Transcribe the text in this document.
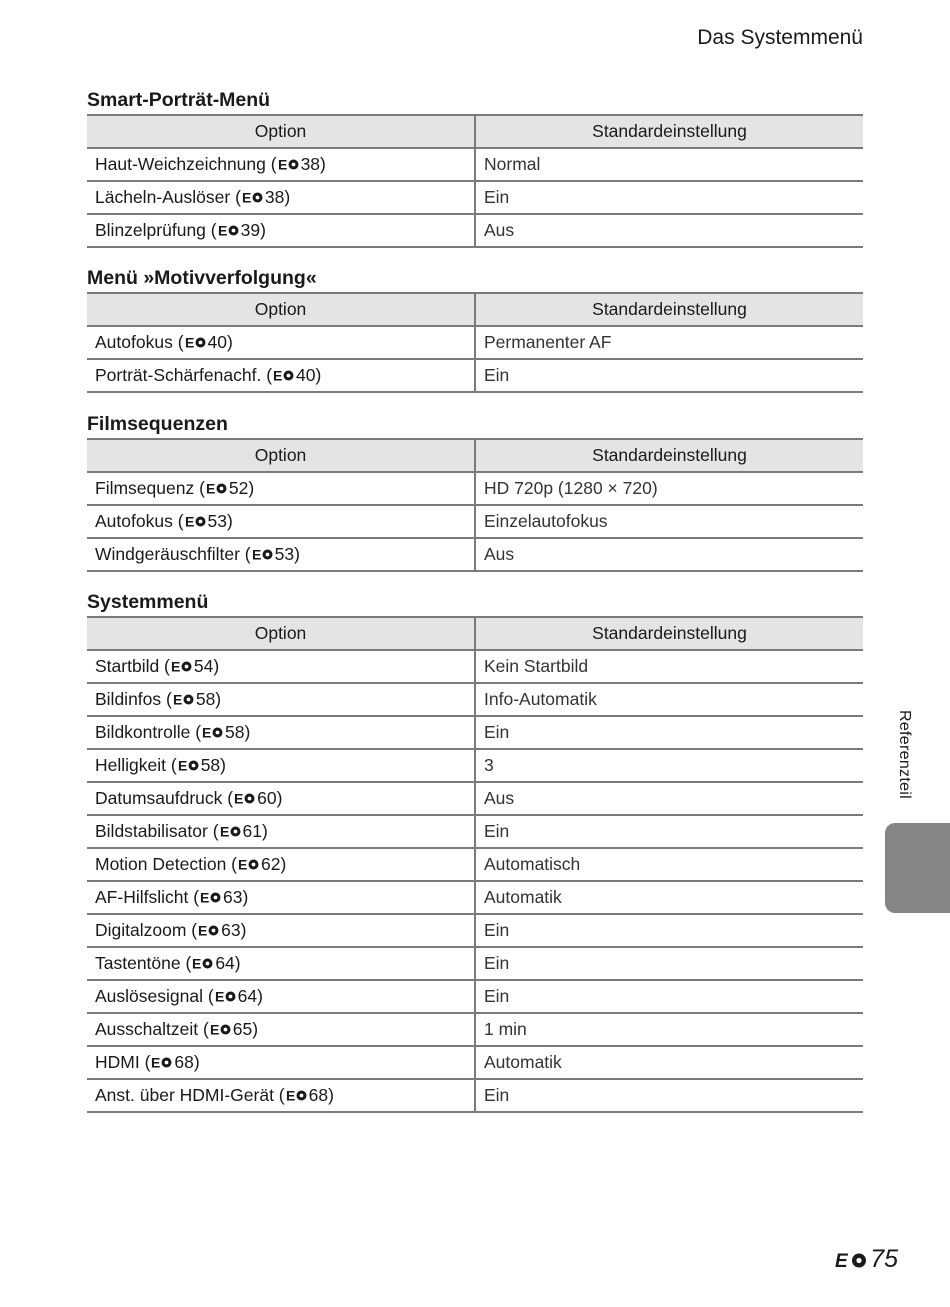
Das Systemmenü
Smart-Porträt-Menü
Option	Standardeinstellung
Haut-Weichzeichnung ( E 38)	Normal
Lächeln-Auslöser ( E 38)	Ein
Blinzelprüfung ( E 39)	Aus
Menü »Motivverfolgung«
Option	Standardeinstellung
Autofokus ( E 40)	Permanenter AF
Porträt-Schärfenachf. ( E 40)	Ein
Filmsequenzen
Option	Standardeinstellung
Filmsequenz ( E 52)	HD 720p (1280 × 720)
Autofokus ( E 53)	Einzelautofokus
Windgeräuschfilter ( E 53)	Aus
Systemmenü
Option	Standardeinstellung
Startbild ( E 54)	Kein Startbild
Bildinfos ( E 58)	Info-Automatik
Bildkontrolle ( E 58)	Ein
Helligkeit ( E 58)	3
Datumsaufdruck ( E 60)	Aus
Bildstabilisator ( E 61)	Ein
Motion Detection ( E 62)	Automatisch
AF-Hilfslicht ( E 63)	Automatik
Digitalzoom ( E 63)	Ein
Tastentöne ( E 64)	Ein
Auslösesignal ( E 64)	Ein
Ausschaltzeit ( E 65)	1 min
HDMI ( E 68)	Automatik
Anst. über HDMI-Gerät ( E 68)	Ein
Referenzteil
E 75
